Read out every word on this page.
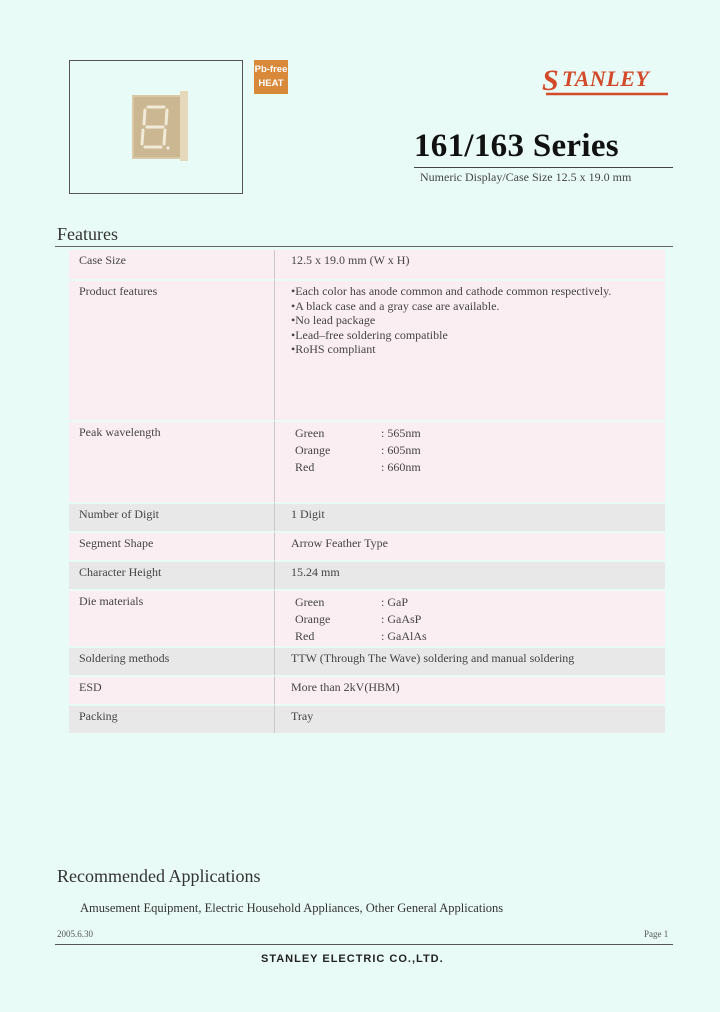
Pb-free
HEAT	S TANLEY
161/163 Series
Numeric Display/Case Size 12.5 x 19.0 mm
Features
Case Size	12.5 x 19.0 mm (W x H)

Product features	•Each color has anode common and cathode common respectively.
•A black case and a gray case are available.
•No lead package
•Lead–free soldering compatible
•RoHS compliant

Peak wavelength	Green : 565nm
Orange : 605nm
Red : 660nm

Number of Digit	1 Digit

Segment Shape	Arrow Feather Type

Character Height	15.24 mm

Die materials	Green : GaP
Orange : GaAsP
Red : GaAlAs

Soldering methods	TTW (Through The Wave) soldering and manual soldering

ESD	More than 2kV(HBM)

Packing	Tray
Recommended Applications
Amusement Equipment, Electric Household Appliances, Other General Applications
2005.6.30	Page 1
STANLEY ELECTRIC CO.,LTD.
